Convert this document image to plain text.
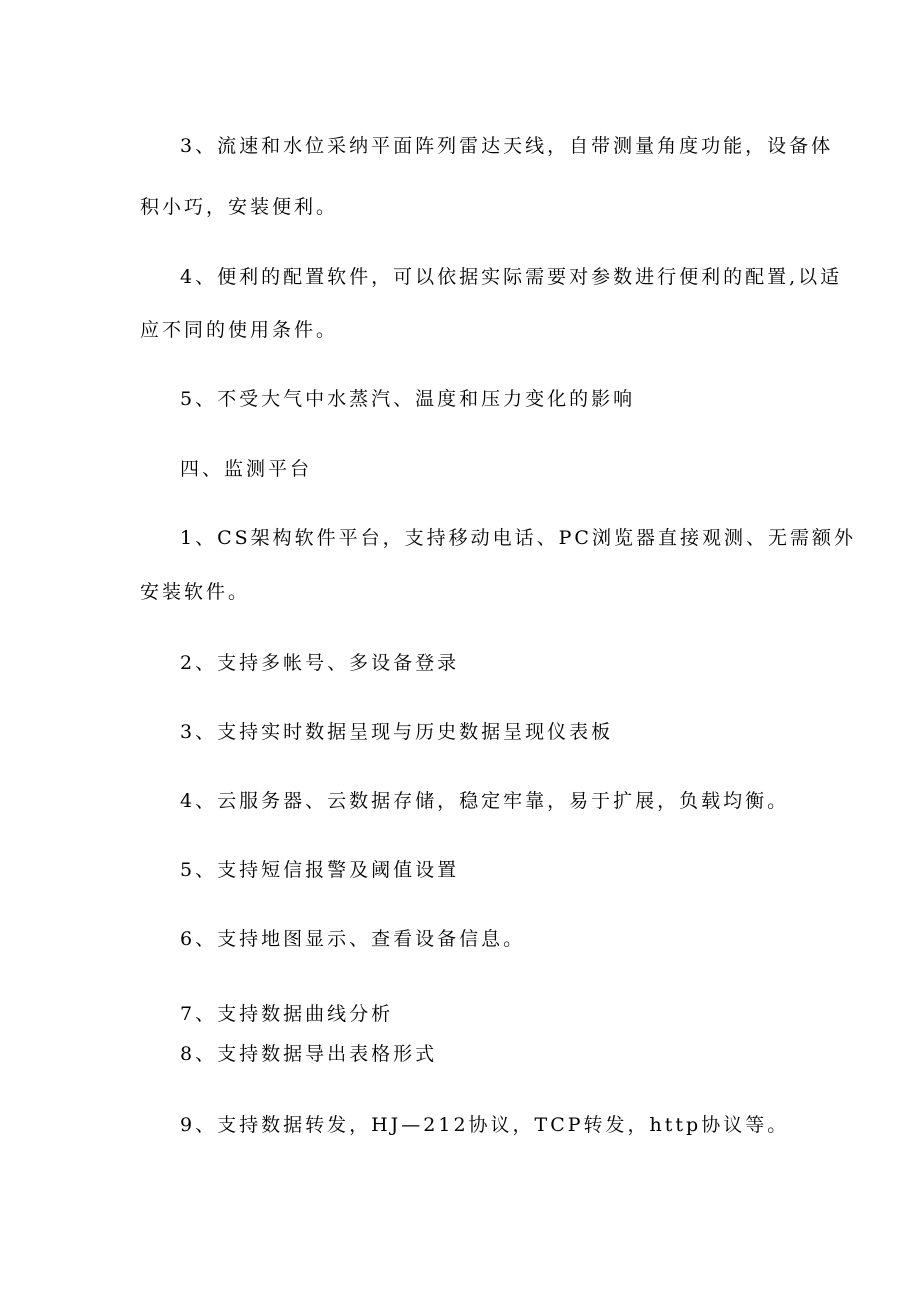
3、流速和水位采纳平面阵列雷达天线，自带测量角度功能，设备体
积小巧，安装便利。
4、便利的配置软件，可以依据实际需要对参数进行便利的配置,以适
应不同的使用条件。
5、不受大气中水蒸汽、温度和压力变化的影响
四、监测平台
1、CS架构软件平台，支持移动电话、PC浏览器直接观测、无需额外
安装软件。
2、支持多帐号、多设备登录
3、支持实时数据呈现与历史数据呈现仪表板
4、云服务器、云数据存储，稳定牢靠，易于扩展，负载均衡。
5、支持短信报警及阈值设置
6、支持地图显示、查看设备信息。
7、支持数据曲线分析
8、支持数据导出表格形式
9、支持数据转发，HJ—212协议，TCP转发，http协议等。
